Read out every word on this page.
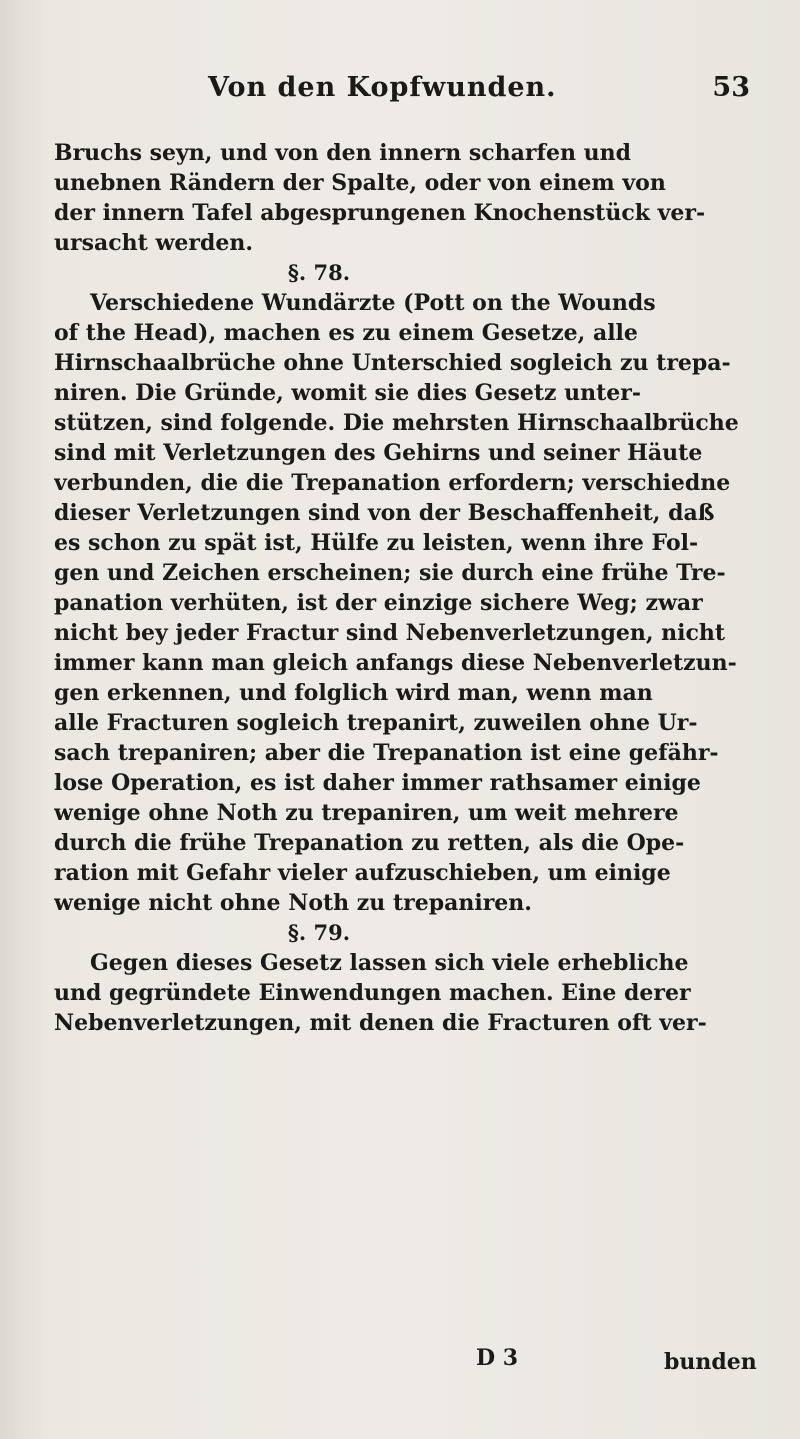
Von den Kopfwunden.	53
Bruchs seyn, und von den innern scharfen und
unebnen Rändern der Spalte, oder von einem von
der innern Tafel abgesprungenen Knochenstück ver-
ursacht werden.
§. 78.
Verschiedene Wundärzte (Pott on the Wounds
of the Head), machen es zu einem Gesetze, alle
Hirnschaalbrüche ohne Unterschied sogleich zu trepa-
niren. Die Gründe, womit sie dies Gesetz unter-
stützen, sind folgende. Die mehrsten Hirnschaalbrüche
sind mit Verletzungen des Gehirns und seiner Häute
verbunden, die die Trepanation erfordern; verschiedne
dieser Verletzungen sind von der Beschaffenheit, daß
es schon zu spät ist, Hülfe zu leisten, wenn ihre Fol-
gen und Zeichen erscheinen; sie durch eine frühe Tre-
panation verhüten, ist der einzige sichere Weg; zwar
nicht bey jeder Fractur sind Nebenverletzungen, nicht
immer kann man gleich anfangs diese Nebenverletzun-
gen erkennen, und folglich wird man, wenn man
alle Fracturen sogleich trepanirt, zuweilen ohne Ur-
sach trepaniren; aber die Trepanation ist eine gefähr-
lose Operation, es ist daher immer rathsamer einige
wenige ohne Noth zu trepaniren, um weit mehrere
durch die frühe Trepanation zu retten, als die Ope-
ration mit Gefahr vieler aufzuschieben, um einige
wenige nicht ohne Noth zu trepaniren.
§. 79.
Gegen dieses Gesetz lassen sich viele erhebliche
und gegründete Einwendungen machen. Eine derer
Nebenverletzungen, mit denen die Fracturen oft ver-
D 3	bunden
